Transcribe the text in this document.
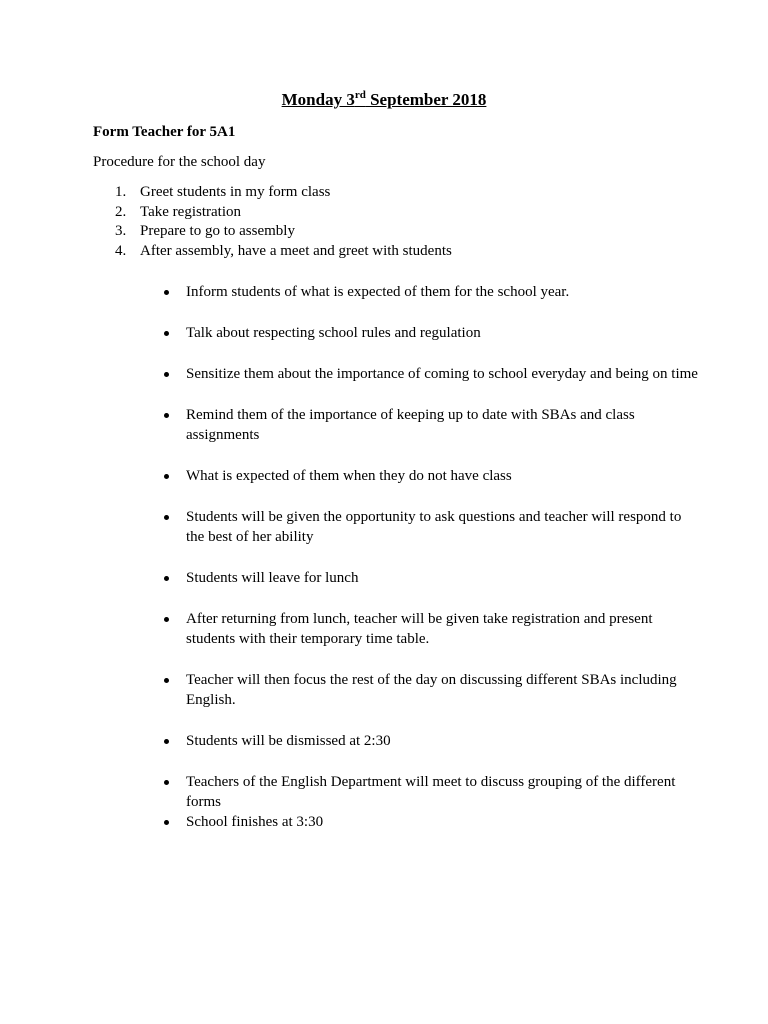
Monday 3rd September 2018
Form Teacher for 5A1
Procedure for the school day
1. Greet students in my form class
2. Take registration
3. Prepare to go to assembly
4. After assembly, have a meet and greet with students
Inform students of what is expected of them for the school year.
Talk about respecting school rules and regulation
Sensitize them about the importance of coming to school everyday and being on time
Remind them of the importance of keeping up to date with SBAs and class assignments
What is expected of them when they do not have class
Students will be given the opportunity to ask questions and teacher will respond to the best of her ability
Students will leave for lunch
After returning from lunch, teacher will be given take registration and present students with their temporary time table.
Teacher will then focus the rest of the day on discussing different SBAs including English.
Students will be dismissed at 2:30
Teachers of the English Department will meet to discuss grouping of the different forms
School finishes at 3:30
